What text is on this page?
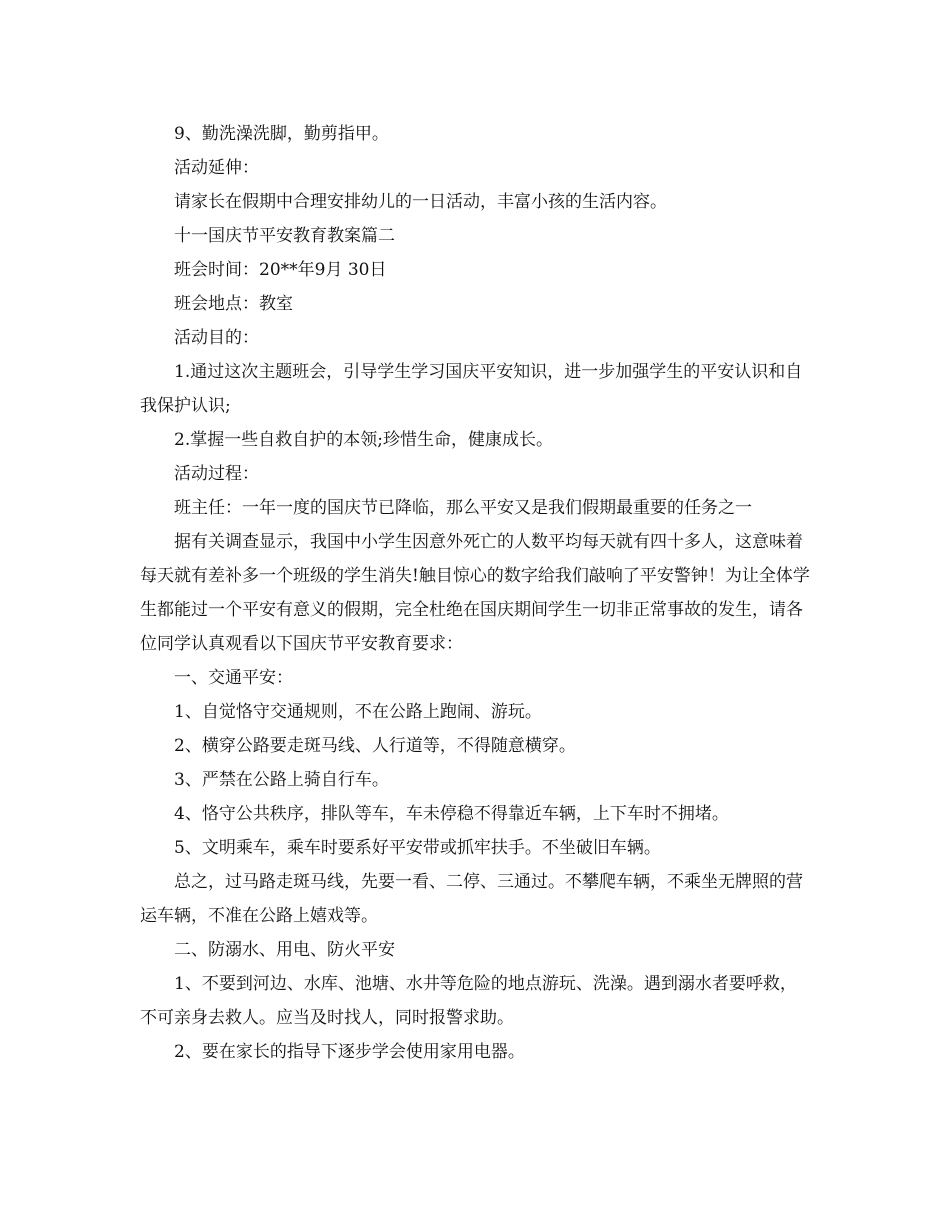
9、勤洗澡洗脚，勤剪指甲。

活动延伸：

请家长在假期中合理安排幼儿的一日活动，丰富小孩的生活内容。

十一国庆节平安教育教案篇二

班会时间：20**年9月 30日

班会地点：教室

活动目的：

1.通过这次主题班会，引导学生学习国庆平安知识，进一步加强学生的平安认识和自我保护认识;

2.掌握一些自救自护的本领;珍惜生命，健康成长。

活动过程：

班主任：一年一度的国庆节已降临，那么平安又是我们假期最重要的任务之一

据有关调查显示，我国中小学生因意外死亡的人数平均每天就有四十多人，这意味着每天就有差补多一个班级的学生消失!触目惊心的数字给我们敲响了平安警钟！为让全体学生都能过一个平安有意义的假期，完全杜绝在国庆期间学生一切非正常事故的发生，请各位同学认真观看以下国庆节平安教育要求：

一、交通平安：

1、自觉恪守交通规则，不在公路上跑闹、游玩。

2、横穿公路要走斑马线、人行道等，不得随意横穿。

3、严禁在公路上骑自行车。

4、恪守公共秩序，排队等车，车未停稳不得靠近车辆，上下车时不拥堵。

5、文明乘车，乘车时要系好平安带或抓牢扶手。不坐破旧车辆。

总之，过马路走斑马线，先要一看、二停、三通过。不攀爬车辆，不乘坐无牌照的营运车辆，不准在公路上嬉戏等。

二、防溺水、用电、防火平安

1、不要到河边、水库、池塘、水井等危险的地点游玩、洗澡。遇到溺水者要呼救，不可亲身去救人。应当及时找人，同时报警求助。

2、要在家长的指导下逐步学会使用家用电器。
